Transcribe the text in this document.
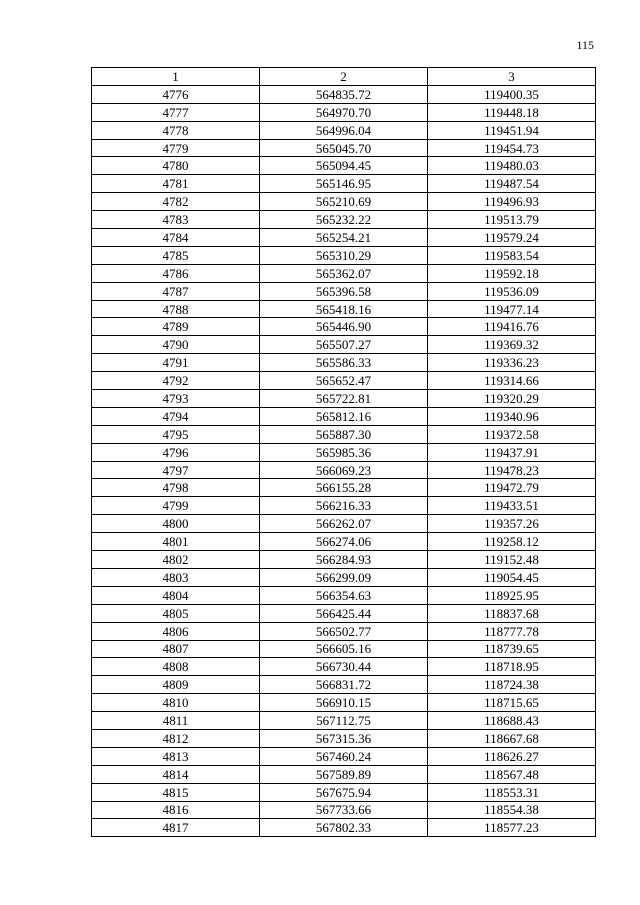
115
1	2	3
4776	564835.72	119400.35
4777	564970.70	119448.18
4778	564996.04	119451.94
4779	565045.70	119454.73
4780	565094.45	119480.03
4781	565146.95	119487.54
4782	565210.69	119496.93
4783	565232.22	119513.79
4784	565254.21	119579.24
4785	565310.29	119583.54
4786	565362.07	119592.18
4787	565396.58	119536.09
4788	565418.16	119477.14
4789	565446.90	119416.76
4790	565507.27	119369.32
4791	565586.33	119336.23
4792	565652.47	119314.66
4793	565722.81	119320.29
4794	565812.16	119340.96
4795	565887.30	119372.58
4796	565985.36	119437.91
4797	566069.23	119478.23
4798	566155.28	119472.79
4799	566216.33	119433.51
4800	566262.07	119357.26
4801	566274.06	119258.12
4802	566284.93	119152.48
4803	566299.09	119054.45
4804	566354.63	118925.95
4805	566425.44	118837.68
4806	566502.77	118777.78
4807	566605.16	118739.65
4808	566730.44	118718.95
4809	566831.72	118724.38
4810	566910.15	118715.65
4811	567112.75	118688.43
4812	567315.36	118667.68
4813	567460.24	118626.27
4814	567589.89	118567.48
4815	567675.94	118553.31
4816	567733.66	118554.38
4817	567802.33	118577.23
